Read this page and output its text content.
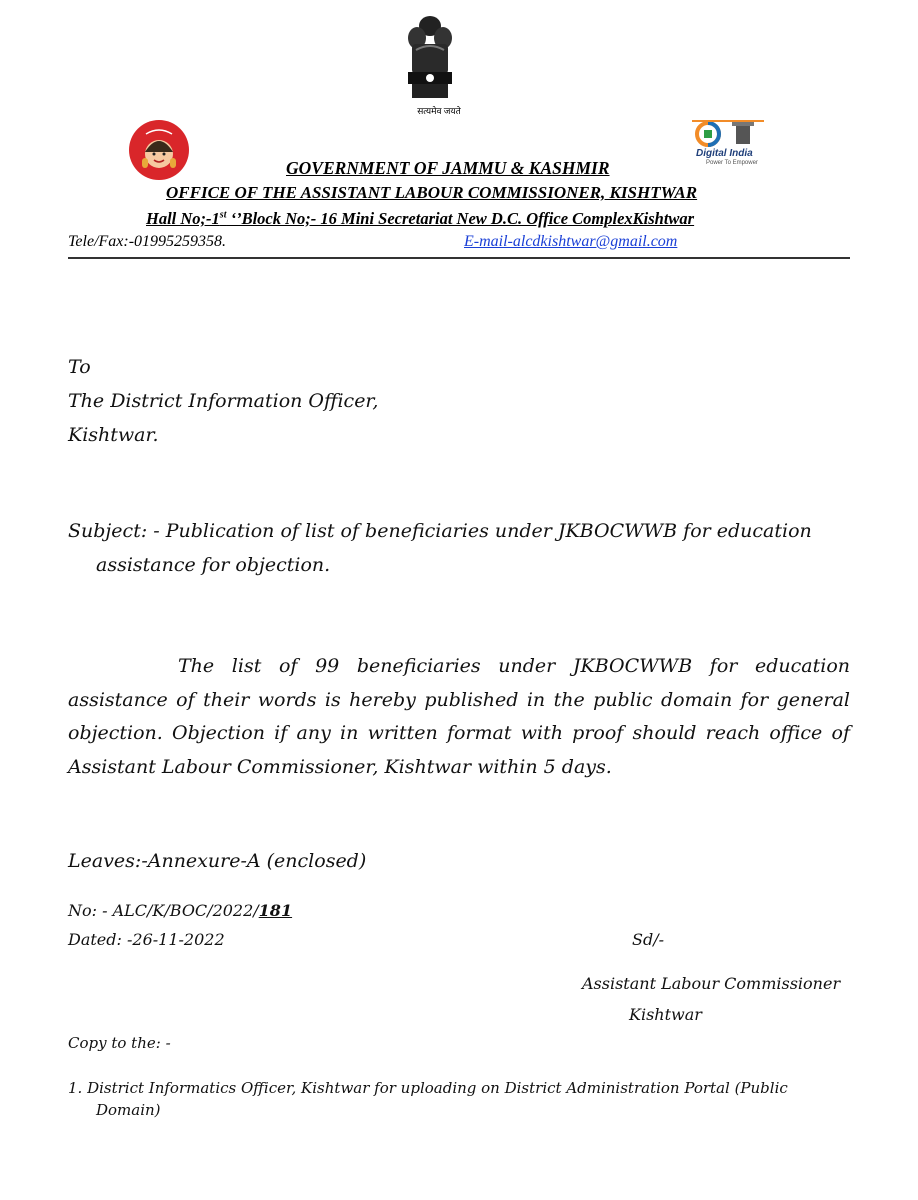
सत्यमेव जयते
Digital India
Power To Empower
GOVERNMENT OF JAMMU & KASHMIR
OFFICE OF THE ASSISTANT LABOUR COMMISSIONER, KISHTWAR
Hall No;-1st ‘’Block No;- 16 Mini Secretariat New D.C. Office ComplexKishtwar
Tele/Fax:-01995259358.	E-mail-alcdkishtwar@gmail.com
To
The District Information Officer,
Kishtwar.
Subject: - Publication of list of beneficiaries under JKBOCWWB for education
assistance for objection.
The list of 99 beneficiaries under JKBOCWWB for education assistance of their words is hereby published in the public domain for general objection. Objection if any in written format with proof should reach office of Assistant Labour Commissioner, Kishtwar within 5 days.
Leaves:-Annexure-A (enclosed)
No: - ALC/K/BOC/2022/181
Dated: -26-11-2022	Sd/-
Assistant Labour Commissioner
Kishtwar
Copy to the: -
1. District Informatics Officer, Kishtwar for uploading on District Administration Portal (Public
Domain)
